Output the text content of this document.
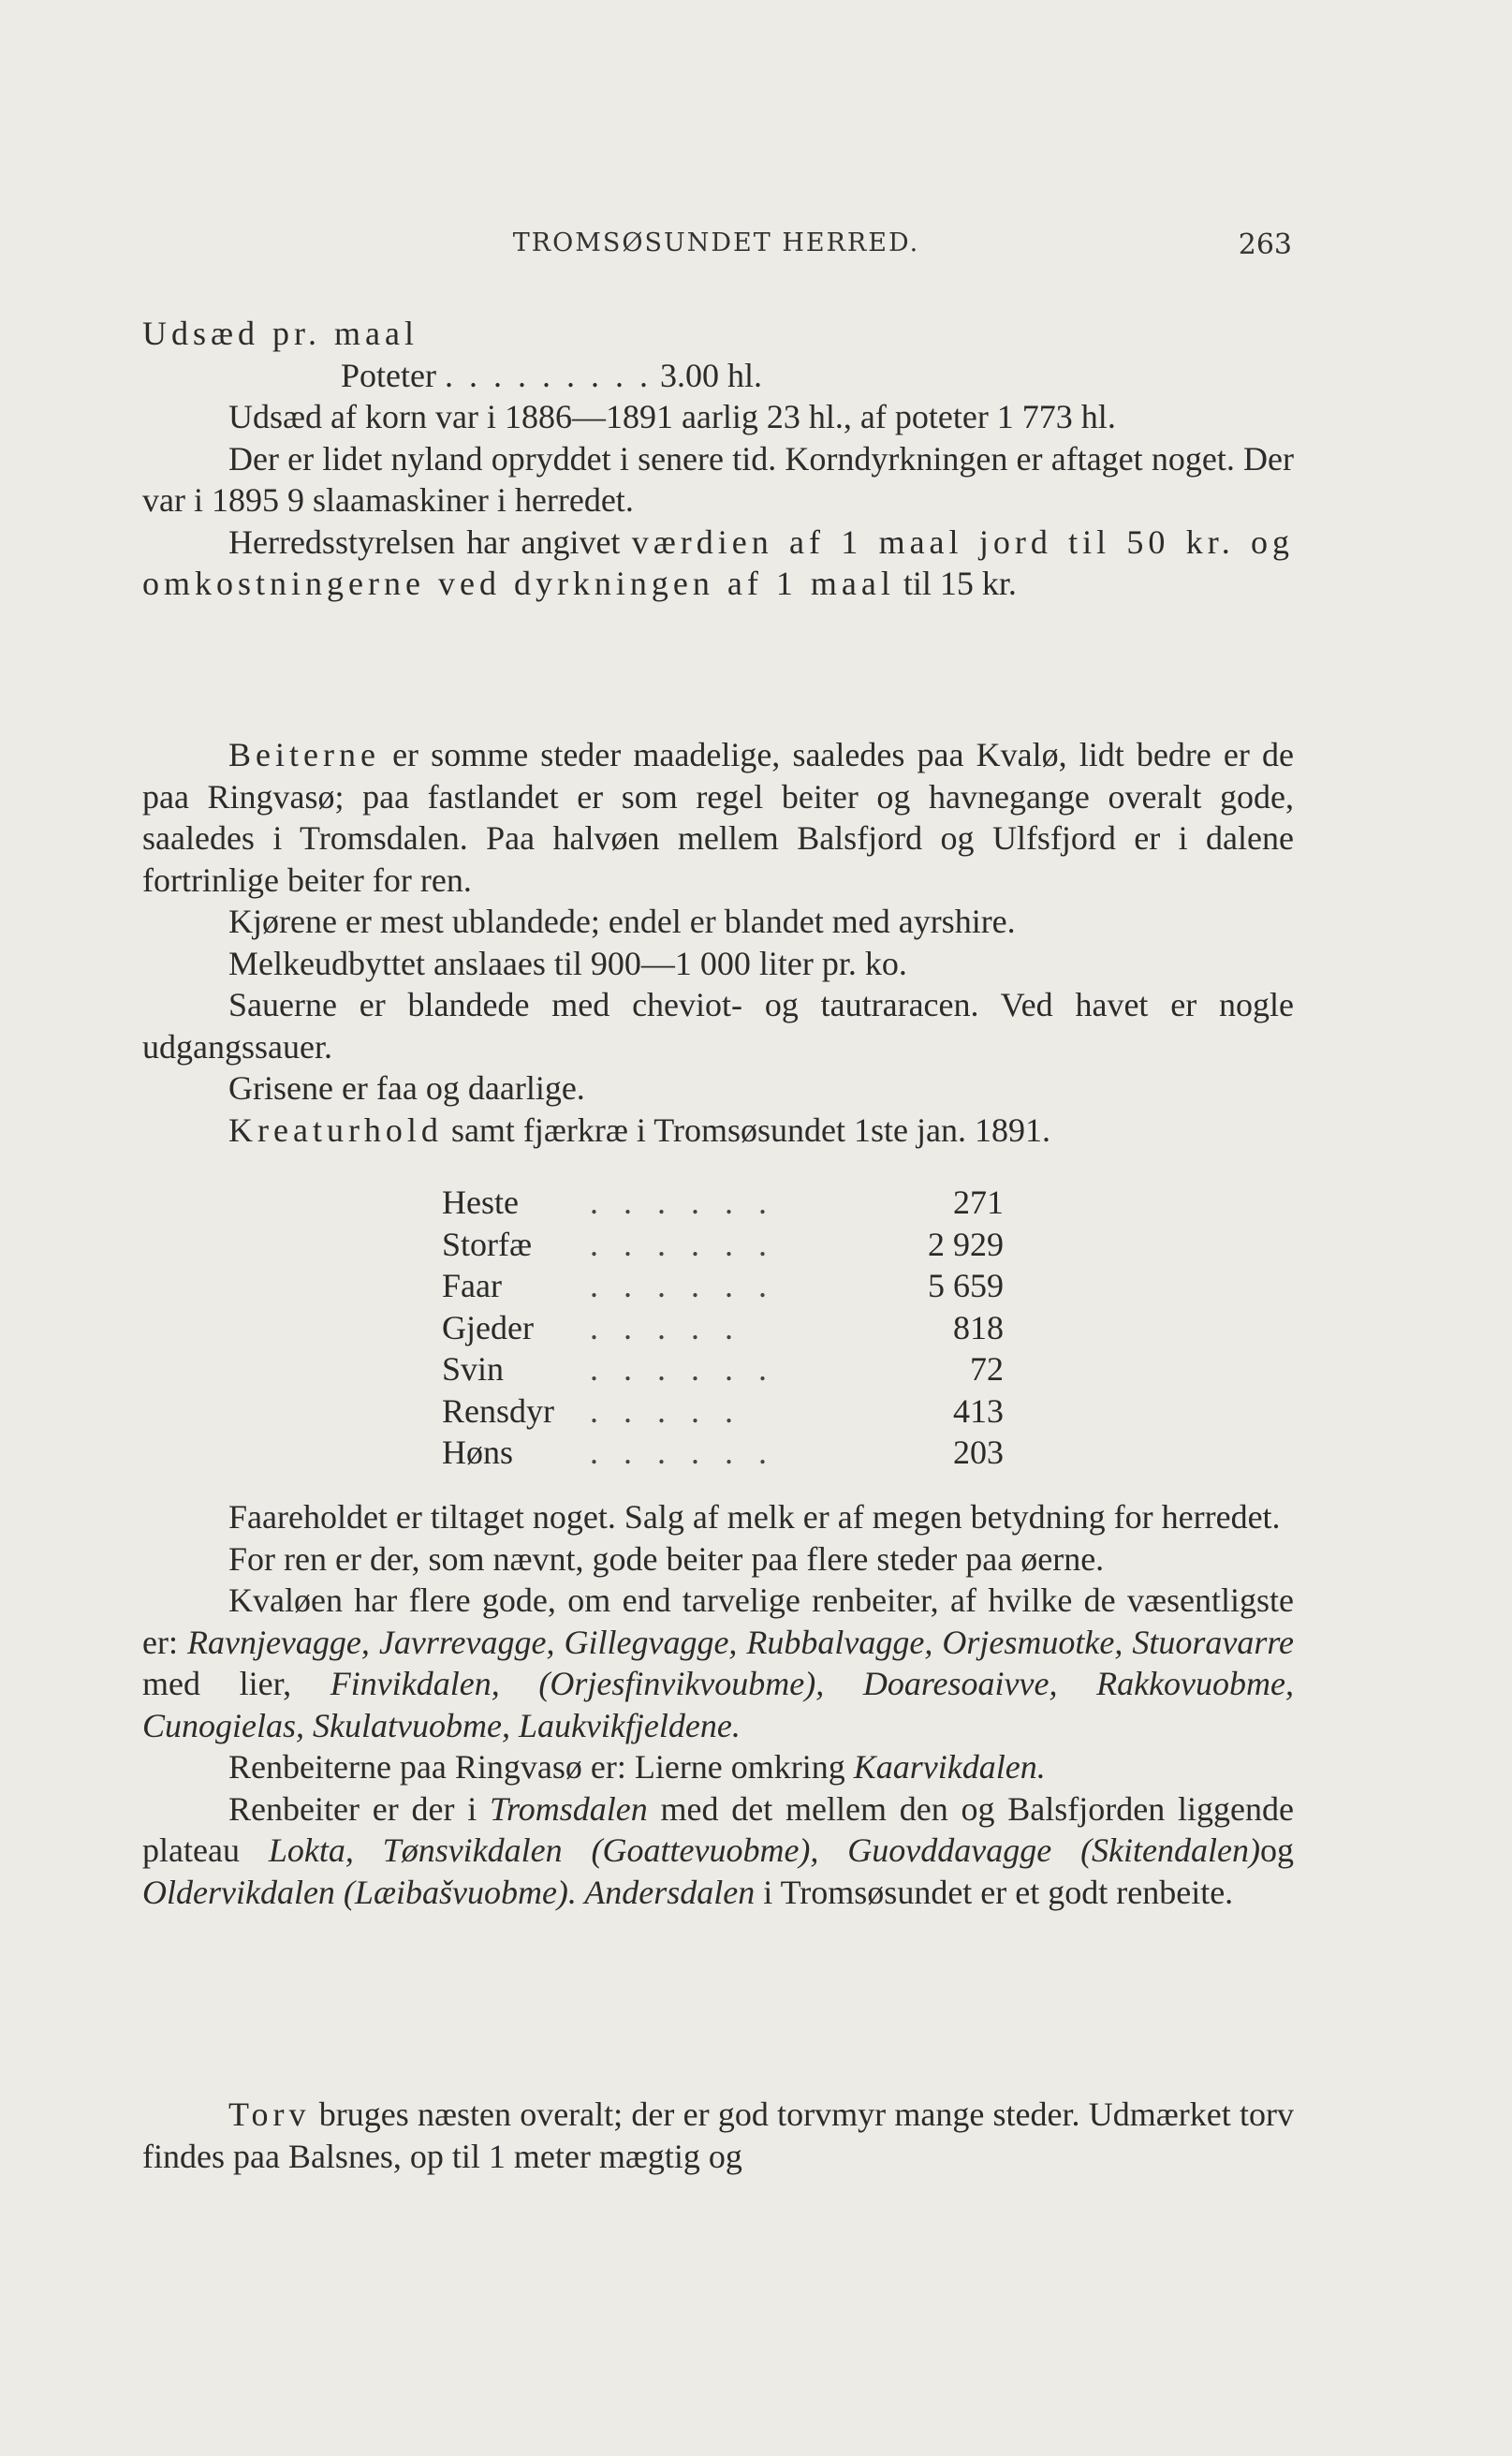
TROMSØSUNDET HERRED.	263

Udsæd pr. maal

Poteter . . . . . . . . . 3.00 hl.

Udsæd af korn var i 1886—1891 aarlig 23 hl., af poteter 1 773 hl.

Der er lidet nyland opryddet i senere tid. Korndyrkningen er aftaget noget. Der var i 1895 9 slaamaskiner i herredet.

Herredsstyrelsen har angivet værdien af 1 maal jord til 50 kr. og omkostningerne ved dyrkningen af 1 maal til 15 kr.

Beiterne er somme steder maadelige, saaledes paa Kvalø, lidt bedre er de paa Ringvasø; paa fastlandet er som regel beiter og havnegange overalt gode, saaledes i Tromsdalen. Paa halvøen mellem Balsfjord og Ulfsfjord er i dalene fortrinlige beiter for ren.

Kjørene er mest ublandede; endel er blandet med ayrshire.

Melkeudbyttet anslaaes til 900—1 000 liter pr. ko.

Sauerne er blandede med cheviot- og tautraracen. Ved havet er nogle udgangssauer.

Grisene er faa og daarlige.

Kreaturhold samt fjærkræ i Tromsøsundet 1ste jan. 1891.

Heste	. . . . . .	271
Storfæ	. . . . . .	2 929
Faar	. . . . . .	5 659
Gjeder	. . . . .	818
Svin	. . . . . .	72
Rensdyr	. . . . .	413
Høns	. . . . . .	203

Faareholdet er tiltaget noget. Salg af melk er af megen betydning for herredet.

For ren er der, som nævnt, gode beiter paa flere steder paa øerne.

Kvaløen har flere gode, om end tarvelige renbeiter, af hvilke de væsentligste er: Ravnjevagge, Javrrevagge, Gillegvagge, Rubbalvagge, Orjesmuotke, Stuoravarre med lier, Finvikdalen, (Orjesfinvikvoubme), Doaresoaivve, Rakkovuobme, Cunogielas, Skulatvuobme, Laukvikfjeldene.

Renbeiterne paa Ringvasø er: Lierne omkring Kaarvikdalen.

Renbeiter er der i Tromsdalen med det mellem den og Balsfjorden liggende plateau Lokta, Tønsvikdalen (Goattevuobme), Guovddavagge (Skitendalen)og Oldervikdalen (Læibašvuobme). Andersdalen i Tromsøsundet er et godt renbeite.

Torv bruges næsten overalt; der er god torvmyr mange steder. Udmærket torv findes paa Balsnes, op til 1 meter mægtig og
